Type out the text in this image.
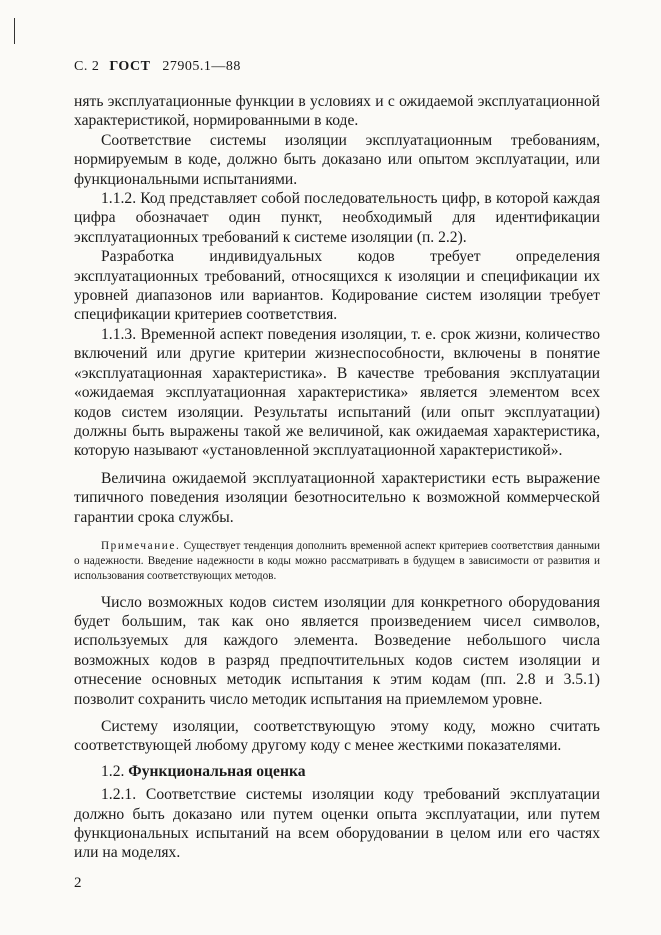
С. 2 ГОСТ 27905.1—88

нять эксплуатационные функции в условиях и с ожидаемой эксплуатационной характеристикой, нормированными в коде.

Соответствие системы изоляции эксплуатационным требованиям, нормируемым в коде, должно быть доказано или опытом эксплуатации, или функциональными испытаниями.

1.1.2. Код представляет собой последовательность цифр, в которой каждая цифра обозначает один пункт, необходимый для идентификации эксплуатационных требований к системе изоляции (п. 2.2).

Разработка индивидуальных кодов требует определения эксплуатационных требований, относящихся к изоляции и спецификации их уровней диапазонов или вариантов. Кодирование систем изоляции требует спецификации критериев соответствия.

1.1.3. Временной аспект поведения изоляции, т. е. срок жизни, количество включений или другие критерии жизнеспособности, включены в понятие «эксплуатационная характеристика». В качестве требования эксплуатации «ожидаемая эксплуатационная характеристика» является элементом всех кодов систем изоляции. Результаты испытаний (или опыт эксплуатации) должны быть выражены такой же величиной, как ожидаемая характеристика, которую называют «установленной эксплуатационной характеристикой».

Величина ожидаемой эксплуатационной характеристики есть выражение типичного поведения изоляции безотносительно к возможной коммерческой гарантии срока службы.

Примечание. Существует тенденция дополнить временной аспект критериев соответствия данными о надежности. Введение надежности в коды можно рассматривать в будущем в зависимости от развития и использования соответствующих методов.

Число возможных кодов систем изоляции для конкретного оборудования будет большим, так как оно является произведением чисел символов, используемых для каждого элемента. Возведение небольшого числа возможных кодов в разряд предпочтительных кодов систем изоляции и отнесение основных методик испытания к этим кодам (пп. 2.8 и 3.5.1) позволит сохранить число методик испытания на приемлемом уровне.

Систему изоляции, соответствующую этому коду, можно считать соответствующей любому другому коду с менее жесткими показателями.

1.2. Функциональная оценка

1.2.1. Соответствие системы изоляции коду требований эксплуатации должно быть доказано или путем оценки опыта эксплуатации, или путем функциональных испытаний на всем оборудовании в целом или его частях или на моделях.

2
